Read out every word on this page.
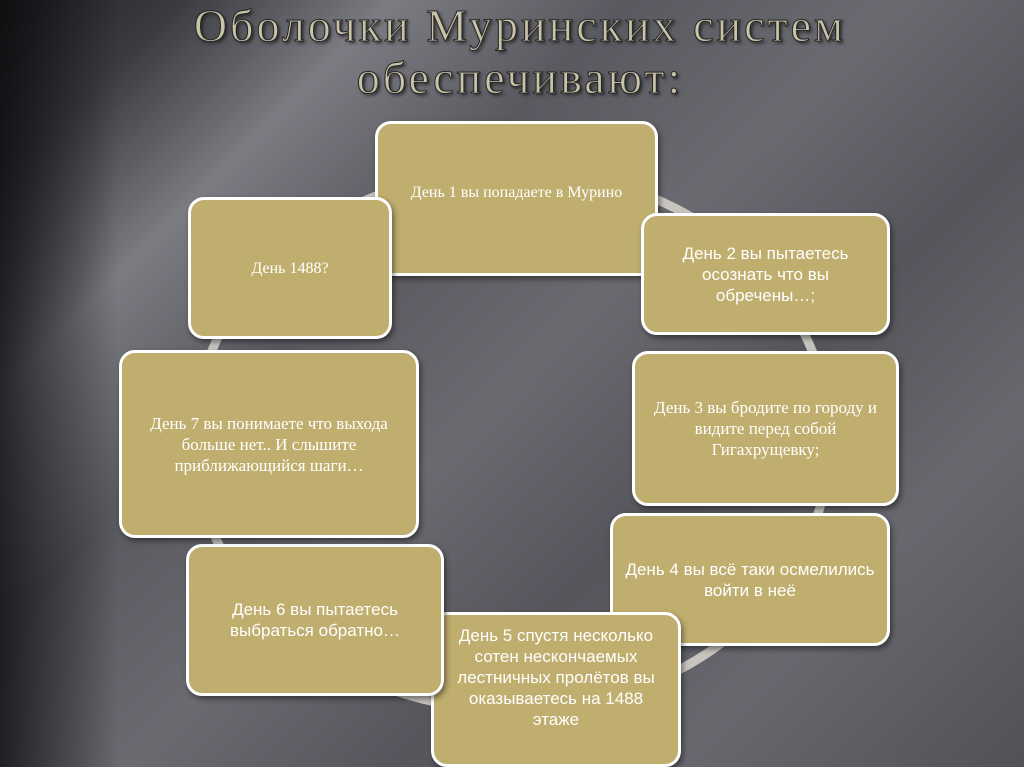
Оболочки Муринских систем
обеспечивают:
День 1 вы попадаете в Мурино
День 2 вы пытаетесь осознать что вы обречены…;
День 3 вы бродите по городу и видите перед собой Гигахрущевку;
День 4 вы всё таки осмелились войти в неё
День 5 спустя несколько сотен нескончаемых лестничных пролётов вы оказываетесь на 1488 этаже
День 6 вы пытаетесь выбраться обратно…
День 7 вы понимаете что выхода больше нет.. И слышите приближающийся шаги…
День 1488?
